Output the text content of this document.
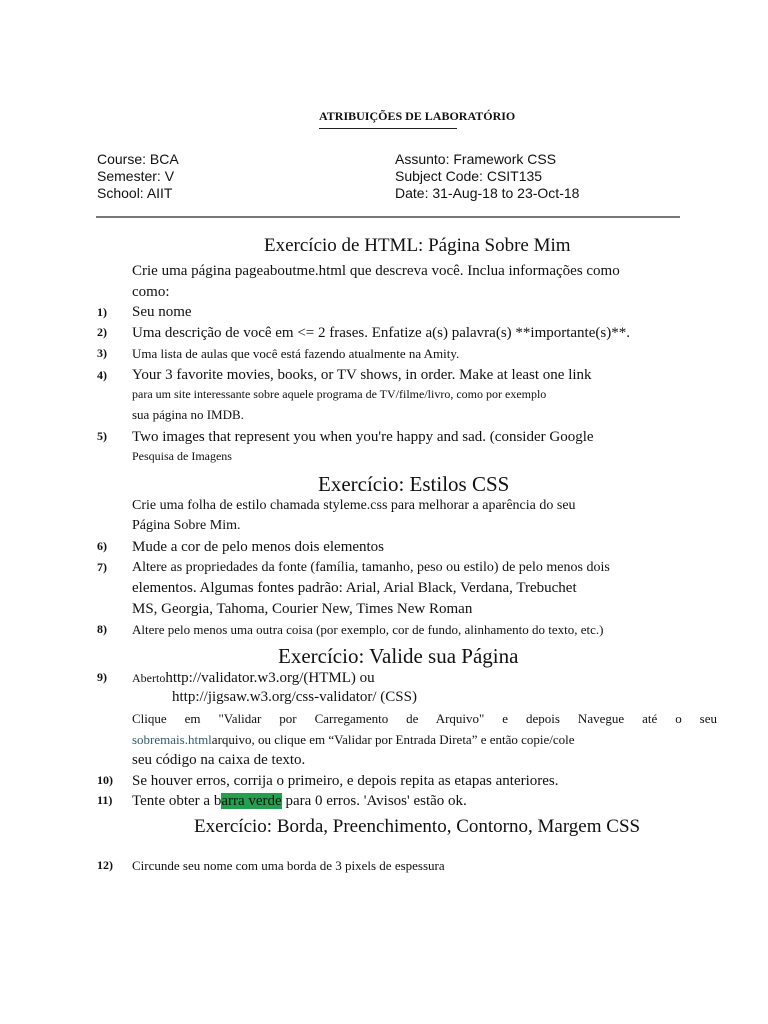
ATRIBUIÇÕES DE LABORATÓRIO
Course: BCA
Semester: V
School: AIIT
Assunto: Framework CSS
Subject Code: CSIT135
Date: 31-Aug-18 to 23-Oct-18
Exercício de HTML: Página Sobre Mim
Crie uma página pageaboutme.html que descreva você. Inclua informações como
como:
1) Seu nome
2) Uma descrição de você em <= 2 frases. Enfatize a(s) palavra(s) **importante(s)**.
3) Uma lista de aulas que você está fazendo atualmente na Amity.
4) Your 3 favorite movies, books, or TV shows, in order. Make at least one link
para um site interessante sobre aquele programa de TV/filme/livro, como por exemplo
sua página no IMDB.
5) Two images that represent you when you're happy and sad. (consider Google
Pesquisa de Imagens
Exercício: Estilos CSS
Crie uma folha de estilo chamada styleme.css para melhorar a aparência do seu
Página Sobre Mim.
6) Mude a cor de pelo menos dois elementos
7) Altere as propriedades da fonte (família, tamanho, peso ou estilo) de pelo menos dois
elementos. Algumas fontes padrão: Arial, Arial Black, Verdana, Trebuchet
MS, Georgia, Tahoma, Courier New, Times New Roman
8) Altere pelo menos uma outra coisa (por exemplo, cor de fundo, alinhamento do texto, etc.)
Exercício: Valide sua Página
9) Abertohttp://validator.w3.org/(HTML) ou
http://jigsaw.w3.org/css-validator/ (CSS)
Clique em "Validar por Carregamento de Arquivo" e depois Navegue até o seu
sobremais.htmlarquivo, ou clique em “Validar por Entrada Direta” e então copie/cole
seu código na caixa de texto.
10) Se houver erros, corrija o primeiro, e depois repita as etapas anteriores.
11) Tente obter a barra verde para 0 erros. 'Avisos' estão ok.
Exercício: Borda, Preenchimento, Contorno, Margem CSS
12) Circunde seu nome com uma borda de 3 pixels de espessura
